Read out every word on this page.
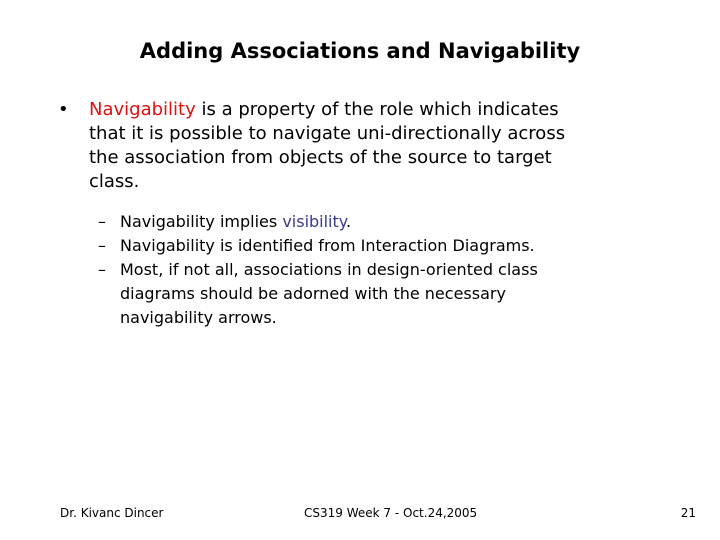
Adding Associations and Navigability
• Navigability is a property of the role which indicates
that it is possible to navigate uni-directionally across
the association from objects of the source to target
class.
– Navigability implies visibility.
– Navigability is identified from Interaction Diagrams.
– Most, if not all, associations in design-oriented class
diagrams should be adorned with the necessary
navigability arrows.
Dr. Kivanc Dincer	CS319 Week 7 - Oct.24,2005	21
